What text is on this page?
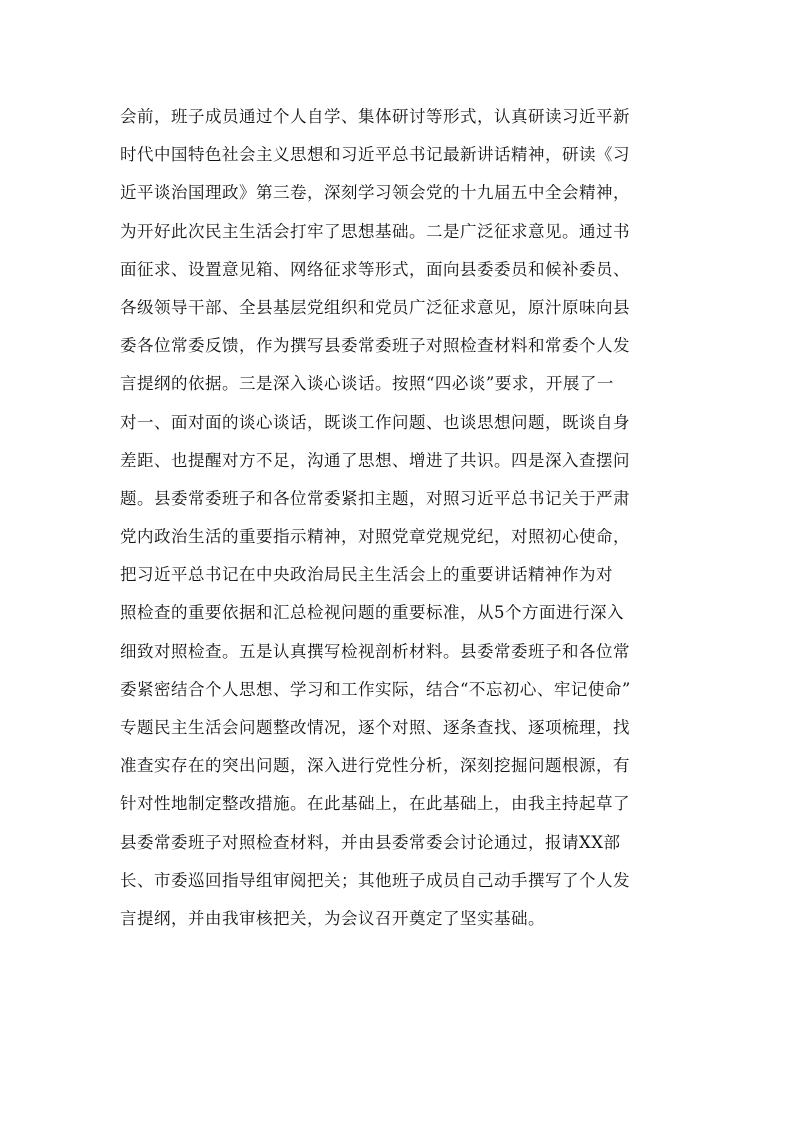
会前，班子成员通过个人自学、集体研讨等形式，认真研读习近平新
时代中国特色社会主义思想和习近平总书记最新讲话精神，研读《习
近平谈治国理政》第三卷，深刻学习领会党的十九届五中全会精神，
为开好此次民主生活会打牢了思想基础。二是广泛征求意见。通过书
面征求、设置意见箱、网络征求等形式，面向县委委员和候补委员、
各级领导干部、全县基层党组织和党员广泛征求意见，原汁原味向县
委各位常委反馈，作为撰写县委常委班子对照检查材料和常委个人发
言提纲的依据。三是深入谈心谈话。按照“四必谈”要求，开展了一
对一、面对面的谈心谈话，既谈工作问题、也谈思想问题，既谈自身
差距、也提醒对方不足，沟通了思想、增进了共识。四是深入查摆问
题。县委常委班子和各位常委紧扣主题，对照习近平总书记关于严肃
党内政治生活的重要指示精神，对照党章党规党纪，对照初心使命，
把习近平总书记在中央政治局民主生活会上的重要讲话精神作为对
照检查的重要依据和汇总检视问题的重要标准，从5个方面进行深入
细致对照检查。五是认真撰写检视剖析材料。县委常委班子和各位常
委紧密结合个人思想、学习和工作实际，结合“不忘初心、牢记使命”
专题民主生活会问题整改情况，逐个对照、逐条查找、逐项梳理，找
准查实存在的突出问题，深入进行党性分析，深刻挖掘问题根源，有
针对性地制定整改措施。在此基础上，在此基础上，由我主持起草了
县委常委班子对照检查材料，并由县委常委会讨论通过，报请XX部
长、市委巡回指导组审阅把关；其他班子成员自己动手撰写了个人发
言提纲，并由我审核把关，为会议召开奠定了坚实基础。
